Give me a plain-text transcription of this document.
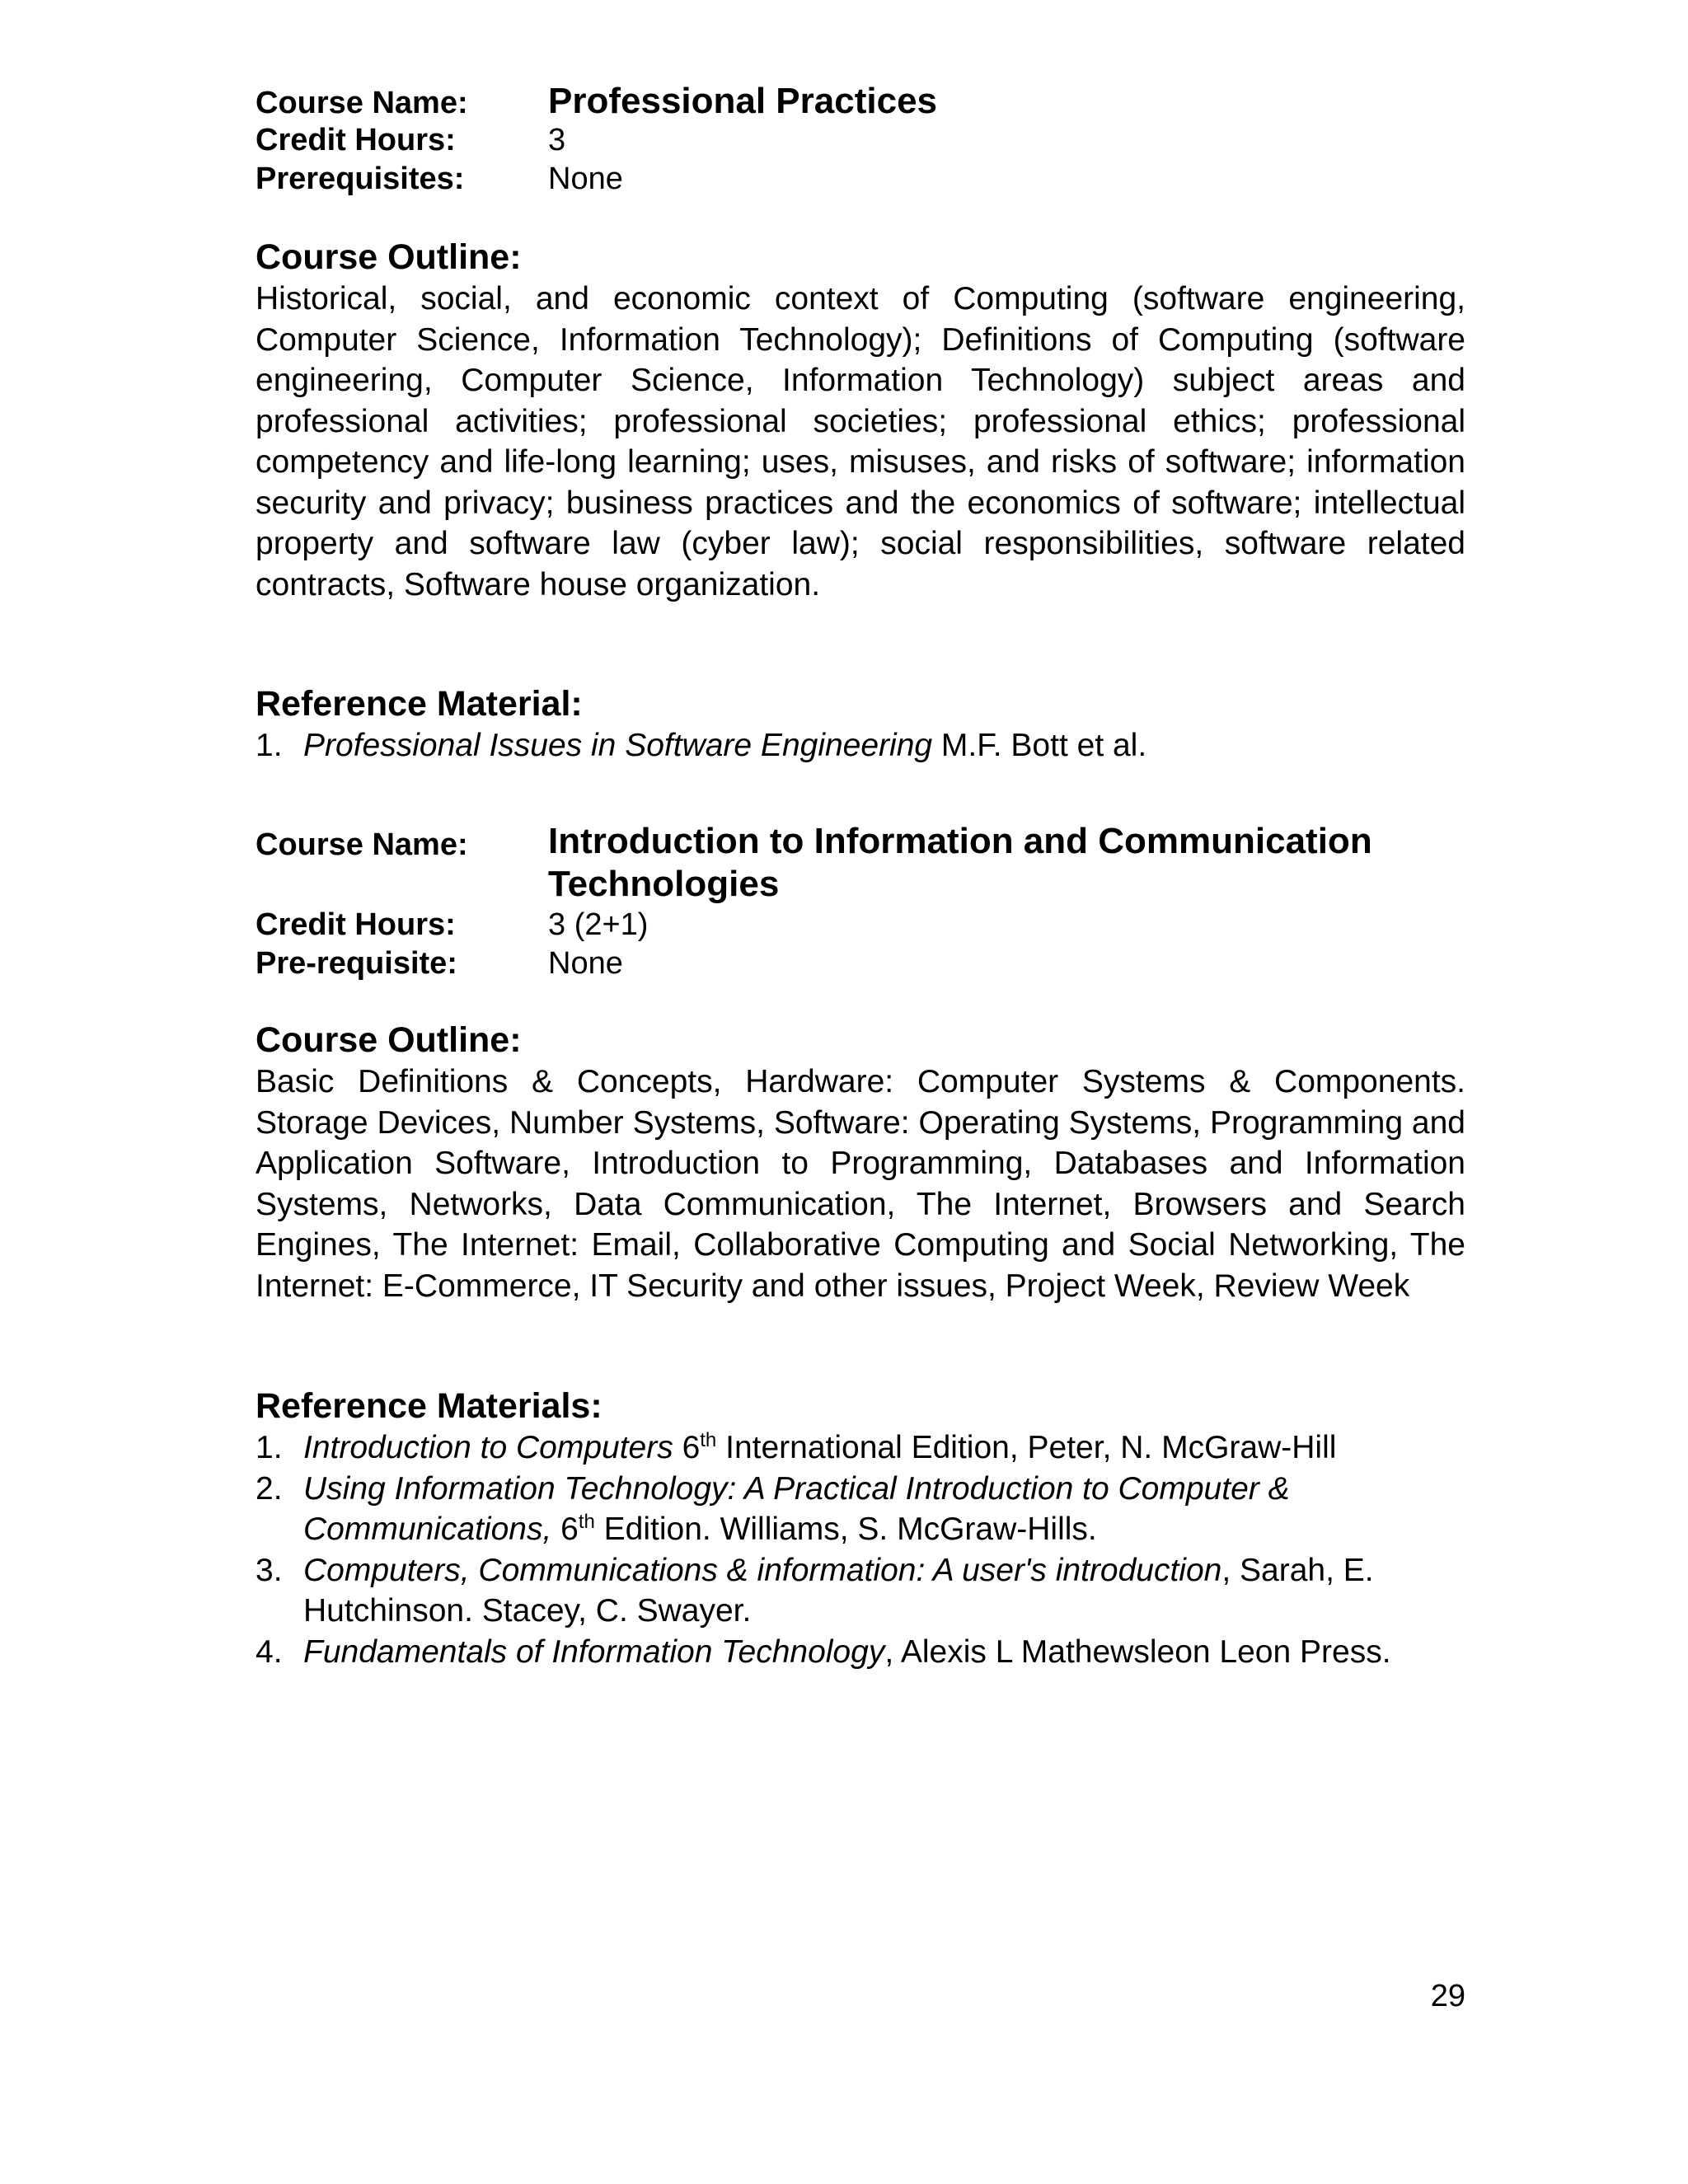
Course Name: Professional Practices
Credit Hours:	3
Prerequisites:	None
Course Outline:
Historical, social, and economic context of Computing (software engineering, Computer Science, Information Technology); Definitions of Computing (software engineering, Computer Science, Information Technology) subject areas and professional activities; professional societies; professional ethics; professional competency and life-long learning; uses, misuses, and risks of software; information security and privacy; business practices and the economics of software; intellectual property and software law (cyber law); social responsibilities, software related contracts, Software house organization.
Reference Material:
1. Professional Issues in Software Engineering M.F. Bott et al.
Course Name: Introduction to Information and Communication
Technologies
Credit Hours:	3 (2+1)
Pre-requisite:	None
Course Outline:
Basic Definitions & Concepts, Hardware: Computer Systems & Components. Storage Devices, Number Systems, Software: Operating Systems, Programming and Application Software, Introduction to Programming, Databases and Information Systems, Networks, Data Communication, The Internet, Browsers and Search Engines, The Internet: Email, Collaborative Computing and Social Networking, The Internet: E-Commerce, IT Security and other issues, Project Week, Review Week
Reference Materials:
1. Introduction to Computers 6th International Edition, Peter, N. McGraw-Hill
2. Using Information Technology: A Practical Introduction to Computer & Communications, 6th Edition. Williams, S. McGraw-Hills.
3. Computers, Communications & information: A user's introduction, Sarah, E. Hutchinson. Stacey, C. Swayer.
4. Fundamentals of Information Technology, Alexis L Mathewsleon Leon Press.
29
